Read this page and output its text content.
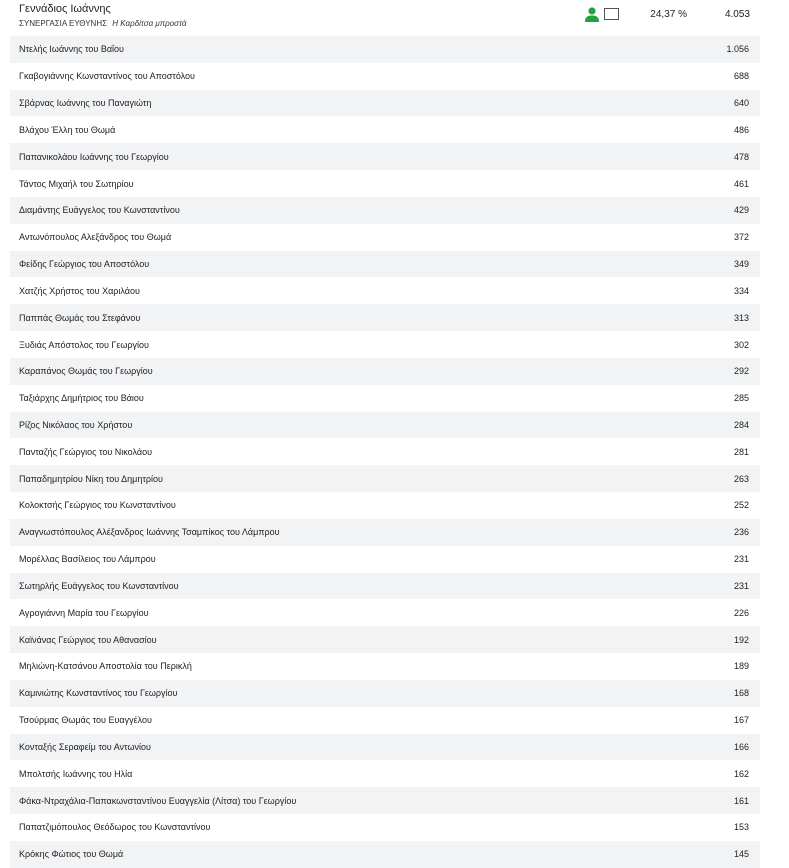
Γεννάδιος Ιωάννης
ΣΥΝΕΡΓΑΣΙΑ ΕΥΘΥΝΗΣ Η Καρδίτσα μπροστά
24,37 %	4.053
Ντελής Ιωάννης του Βαΐου	1.056
Γκαβογιάννης Κωνσταντίνος του Αποστόλου	688
Σβάρνας Ιωάννης του Παναγιώτη	640
Βλάχου Έλλη του Θωμά	486
Παπανικολάου Ιωάννης του Γεωργίου	478
Τάντος Μιχαήλ του Σωτηρίου	461
Διαμάντης Ευάγγελος του Κωνσταντίνου	429
Αντωνόπουλος Αλεξάνδρος του Θωμά	372
Φείδης Γεώργιος του Αποστόλου	349
Χατζής Χρήστος του Χαριλάου	334
Παππάς Θωμάς του Στεφάνου	313
Ξυδιάς Απόστολος του Γεωργίου	302
Καραπάνος Θωμάς του Γεωργίου	292
Ταξιάρχης Δημήτριος του Βάιου	285
Ρίζος Νικόλαος του Χρήστου	284
Πανταζής Γεώργιος του Νικολάου	281
Παπαδημητρίου Νίκη του Δημητρίου	263
Κολοκτσής Γεώργιος του Κωνσταντίνου	252
Αναγνωστόπουλος Αλέξανδρος Ιωάννης Τσαμπίκος του Λάμπρου	236
Μορέλλας Βασίλειος του Λάμπρου	231
Σωτηρλής Ευάγγελος του Κωνσταντίνου	231
Αγρογιάννη Μαρία του Γεωργίου	226
Καϊνάνας Γεώργιος του Αθανασίου	192
Μηλιώνη-Κατσάνου Αποστολία του Περικλή	189
Καμινιώτης Κωνσταντίνος του Γεωργίου	168
Τσούρμας Θωμάς του Ευαγγέλου	167
Κονταξής Σεραφείμ του Αντωνίου	166
Μπολτσής Ιωάννης του Ηλία	162
Φάκα-Ντραχάλια-Παπακωνσταντίνου Ευαγγελία (Λίτσα) του Γεωργίου	161
Παπατζιμόπουλος Θεόδωρος του Κωνσταντίνου	153
Κρόκης Φώτιος του Θωμά	145
